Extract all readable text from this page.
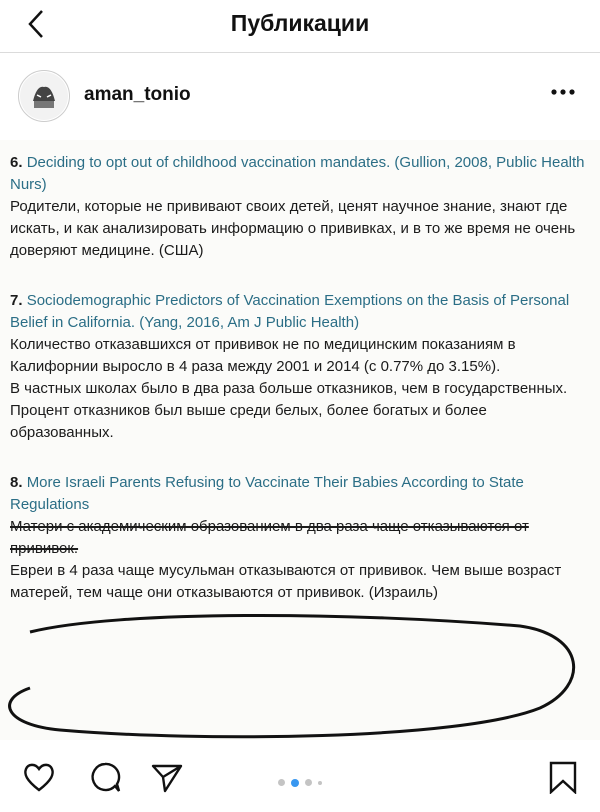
Публикации
aman_tonio

6. Deciding to opt out of childhood vaccination mandates. (Gullion, 2008, Public Health Nurs)

Родители, которые не прививают своих детей, ценят научное знание, знают где искать, и как анализировать информацию о прививках, и в то же время не очень доверяют медицине. (США)

7. Sociodemographic Predictors of Vaccination Exemptions on the Basis of Personal Belief in California. (Yang, 2016, Am J Public Health)

Количество отказавшихся от прививок не по медицинским показаниям в Калифорнии выросло в 4 раза между 2001 и 2014 (с 0.77% до 3.15%).

В частных школах было в два раза больше отказников, чем в государственных. Процент отказников был выше среди белых, более богатых и более образованных.

8. More Israeli Parents Refusing to Vaccinate Their Babies According to State Regulations

Матери с академическим образованием в два раза чаще отказываются от прививок.

Евреи в 4 раза чаще мусульман отказываются от прививок. Чем выше возраст матерей, тем чаще они отказываются от прививок. (Израиль)
